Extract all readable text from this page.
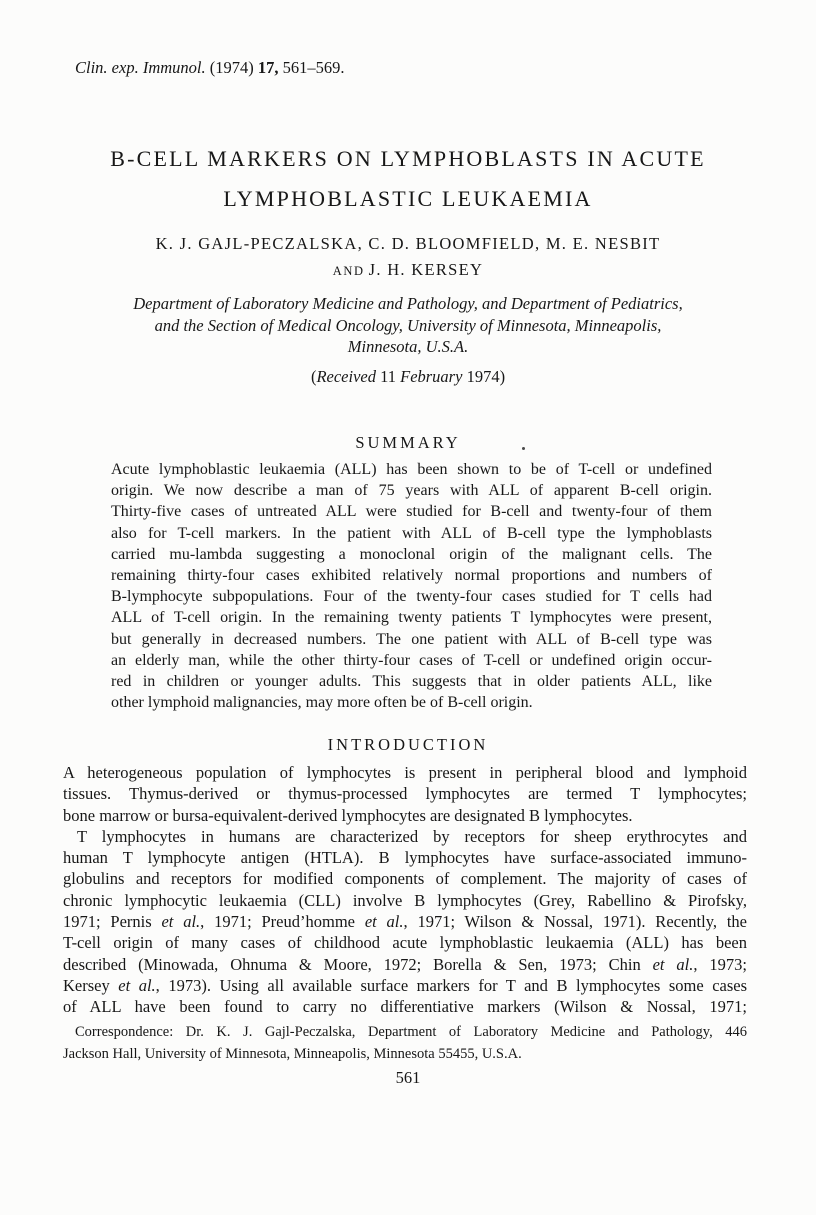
Clin. exp. Immunol. (1974) 17, 561–569.
B-CELL MARKERS ON LYMPHOBLASTS IN ACUTE
LYMPHOBLASTIC LEUKAEMIA
K. J. GAJL-PECZALSKA, C. D. BLOOMFIELD, M. E. NESBIT
AND J. H. KERSEY
Department of Laboratory Medicine and Pathology, and Department of Pediatrics,
and the Section of Medical Oncology, University of Minnesota, Minneapolis,
Minnesota, U.S.A.
(Received 11 February 1974)
SUMMARY
Acute lymphoblastic leukaemia (ALL) has been shown to be of T-cell or undefined
origin. We now describe a man of 75 years with ALL of apparent B-cell origin.
Thirty-five cases of untreated ALL were studied for B-cell and twenty-four of them
also for T-cell markers. In the patient with ALL of B-cell type the lymphoblasts
carried mu-lambda suggesting a monoclonal origin of the malignant cells. The
remaining thirty-four cases exhibited relatively normal proportions and numbers of
B-lymphocyte subpopulations. Four of the twenty-four cases studied for T cells had
ALL of T-cell origin. In the remaining twenty patients T lymphocytes were present,
but generally in decreased numbers. The one patient with ALL of B-cell type was
an elderly man, while the other thirty-four cases of T-cell or undefined origin occur-
red in children or younger adults. This suggests that in older patients ALL, like
other lymphoid malignancies, may more often be of B-cell origin.
INTRODUCTION
A heterogeneous population of lymphocytes is present in peripheral blood and lymphoid
tissues. Thymus-derived or thymus-processed lymphocytes are termed T lymphocytes;
bone marrow or bursa-equivalent-derived lymphocytes are designated B lymphocytes.
T lymphocytes in humans are characterized by receptors for sheep erythrocytes and
human T lymphocyte antigen (HTLA). B lymphocytes have surface-associated immuno-
globulins and receptors for modified components of complement. The majority of cases of
chronic lymphocytic leukaemia (CLL) involve B lymphocytes (Grey, Rabellino & Pirofsky,
1971; Pernis et al., 1971; Preud’homme et al., 1971; Wilson & Nossal, 1971). Recently, the
T-cell origin of many cases of childhood acute lymphoblastic leukaemia (ALL) has been
described (Minowada, Ohnuma & Moore, 1972; Borella & Sen, 1973; Chin et al., 1973;
Kersey et al., 1973). Using all available surface markers for T and B lymphocytes some cases
of ALL have been found to carry no differentiative markers (Wilson & Nossal, 1971;
Correspondence: Dr. K. J. Gajl-Peczalska, Department of Laboratory Medicine and Pathology, 446
Jackson Hall, University of Minnesota, Minneapolis, Minnesota 55455, U.S.A.
561
